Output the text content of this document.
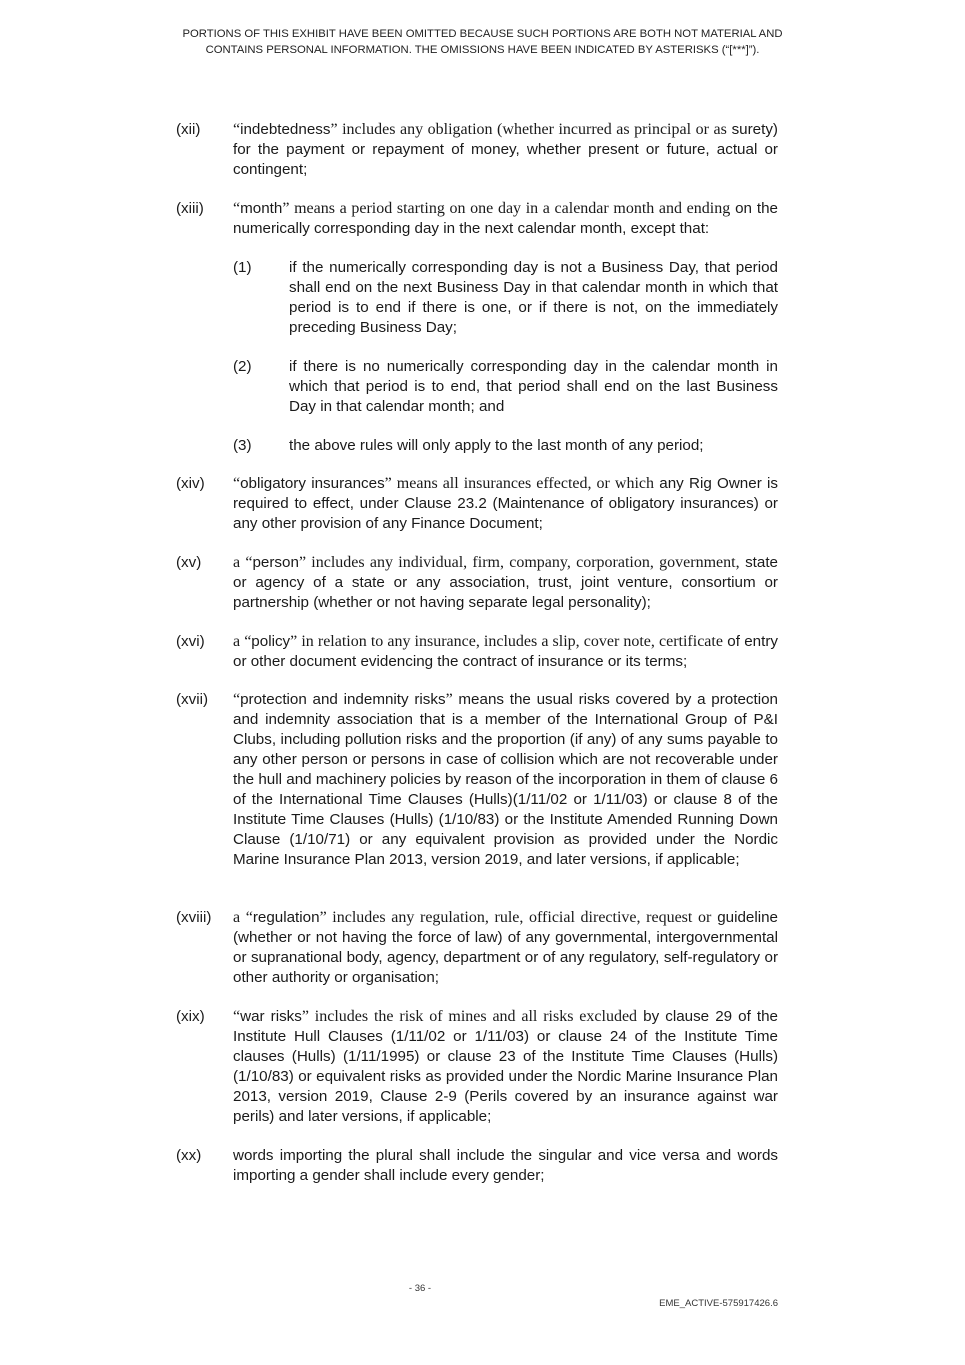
PORTIONS OF THIS EXHIBIT HAVE BEEN OMITTED BECAUSE SUCH PORTIONS ARE BOTH NOT MATERIAL AND
CONTAINS PERSONAL INFORMATION. THE OMISSIONS HAVE BEEN INDICATED BY ASTERISKS (“[***]”).
(xii) “indebtedness” includes any obligation (whether incurred as principal or as surety) for the payment or repayment of money, whether present or future, actual or contingent;
(xiii) “month” means a period starting on one day in a calendar month and ending on the numerically corresponding day in the next calendar month, except that:
(1) if the numerically corresponding day is not a Business Day, that period shall end on the next Business Day in that calendar month in which that period is to end if there is one, or if there is not, on the immediately preceding Business Day;
(2) if there is no numerically corresponding day in the calendar month in which that period is to end, that period shall end on the last Business Day in that calendar month; and
(3) the above rules will only apply to the last month of any period;
(xiv) “obligatory insurances” means all insurances effected, or which any Rig Owner is required to effect, under Clause 23.2 (Maintenance of obligatory insurances) or any other provision of any Finance Document;
(xv) a “person” includes any individual, firm, company, corporation, government, state or agency of a state or any association, trust, joint venture, consortium or partnership (whether or not having separate legal personality);
(xvi) a “policy” in relation to any insurance, includes a slip, cover note, certificate of entry or other document evidencing the contract of insurance or its terms;
(xvii) “protection and indemnity risks” means the usual risks covered by a protection and indemnity association that is a member of the International Group of P&I Clubs, including pollution risks and the proportion (if any) of any sums payable to any other person or persons in case of collision which are not recoverable under the hull and machinery policies by reason of the incorporation in them of clause 6 of the International Time Clauses (Hulls)(1/11/02 or 1/11/03) or clause 8 of the Institute Time Clauses (Hulls) (1/10/83) or the Institute Amended Running Down Clause (1/10/71) or any equivalent provision as provided under the Nordic Marine Insurance Plan 2013, version 2019, and later versions, if applicable;
(xviii) a “regulation” includes any regulation, rule, official directive, request or guideline (whether or not having the force of law) of any governmental, intergovernmental or supranational body, agency, department or of any regulatory, self-regulatory or other authority or organisation;
(xix) “war risks” includes the risk of mines and all risks excluded by clause 29 of the Institute Hull Clauses (1/11/02 or 1/11/03) or clause 24 of the Institute Time clauses (Hulls) (1/11/1995) or clause 23 of the Institute Time Clauses (Hulls) (1/10/83) or equivalent risks as provided under the Nordic Marine Insurance Plan 2013, version 2019, Clause 2-9 (Perils covered by an insurance against war perils) and later versions, if applicable;
(xx) words importing the plural shall include the singular and vice versa and words importing a gender shall include every gender;
- 36 -
EME_ACTIVE-575917426.6
